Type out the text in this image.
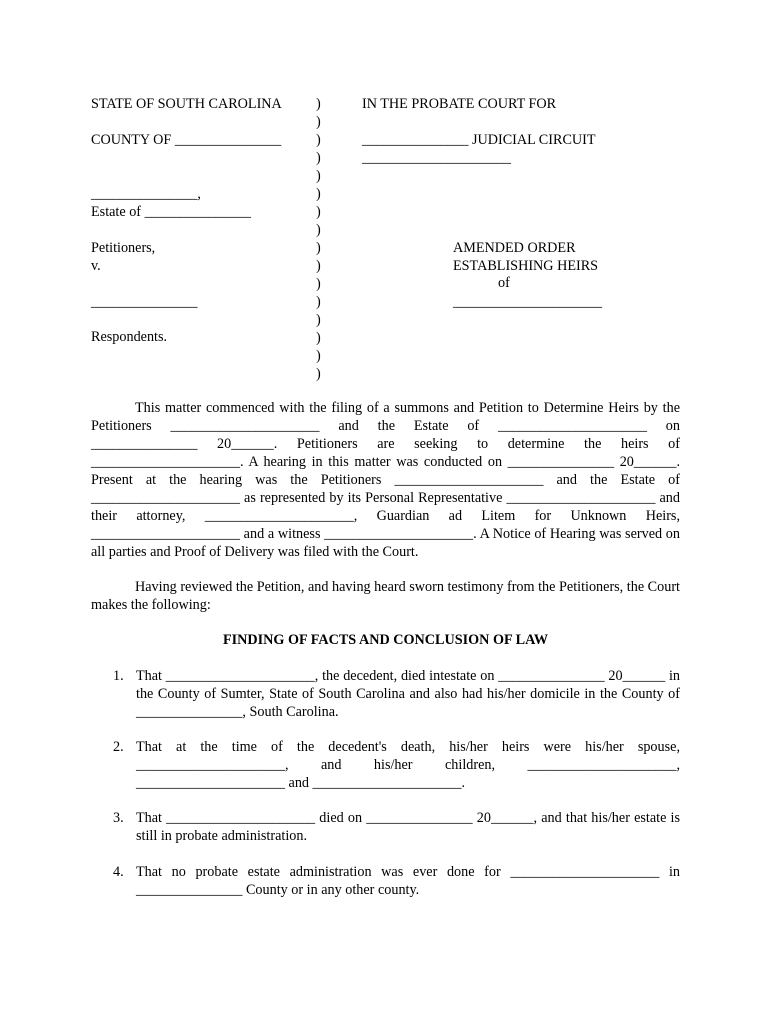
STATE OF SOUTH CAROLINA
COUNTY OF _______________
_______________,
Estate of _______________
Petitioners,
v.
_______________
Respondents.
)
)
)
)
)
)
)
)
)
)
)
)
)
)
)
)
IN THE PROBATE COURT FOR
_______________ JUDICIAL CIRCUIT
_____________________
AMENDED ORDER
ESTABLISHING HEIRS
of
_____________________
This matter commenced with the filing of a summons and Petition to Determine Heirs by the Petitioners _____________________ and the Estate of _____________________ on _______________ 20______. Petitioners are seeking to determine the heirs of _____________________. A hearing in this matter was conducted on _______________ 20______. Present at the hearing was the Petitioners _____________________ and the Estate of _____________________ as represented by its Personal Representative _____________________ and their attorney, _____________________, Guardian ad Litem for Unknown Heirs, _____________________ and a witness _____________________. A Notice of Hearing was served on all parties and Proof of Delivery was filed with the Court.
Having reviewed the Petition, and having heard sworn testimony from the Petitioners, the Court makes the following:
FINDING OF FACTS AND CONCLUSION OF LAW
1. That _____________________, the decedent, died intestate on _______________ 20______ in the County of Sumter, State of South Carolina and also had his/her domicile in the County of _______________, South Carolina.
2. That at the time of the decedent's death, his/her heirs were his/her spouse, _____________________, and his/her children, _____________________, _____________________ and _____________________.
3. That _____________________ died on _______________ 20______, and that his/her estate is still in probate administration.
4. That no probate estate administration was ever done for _____________________ in _______________ County or in any other county.
